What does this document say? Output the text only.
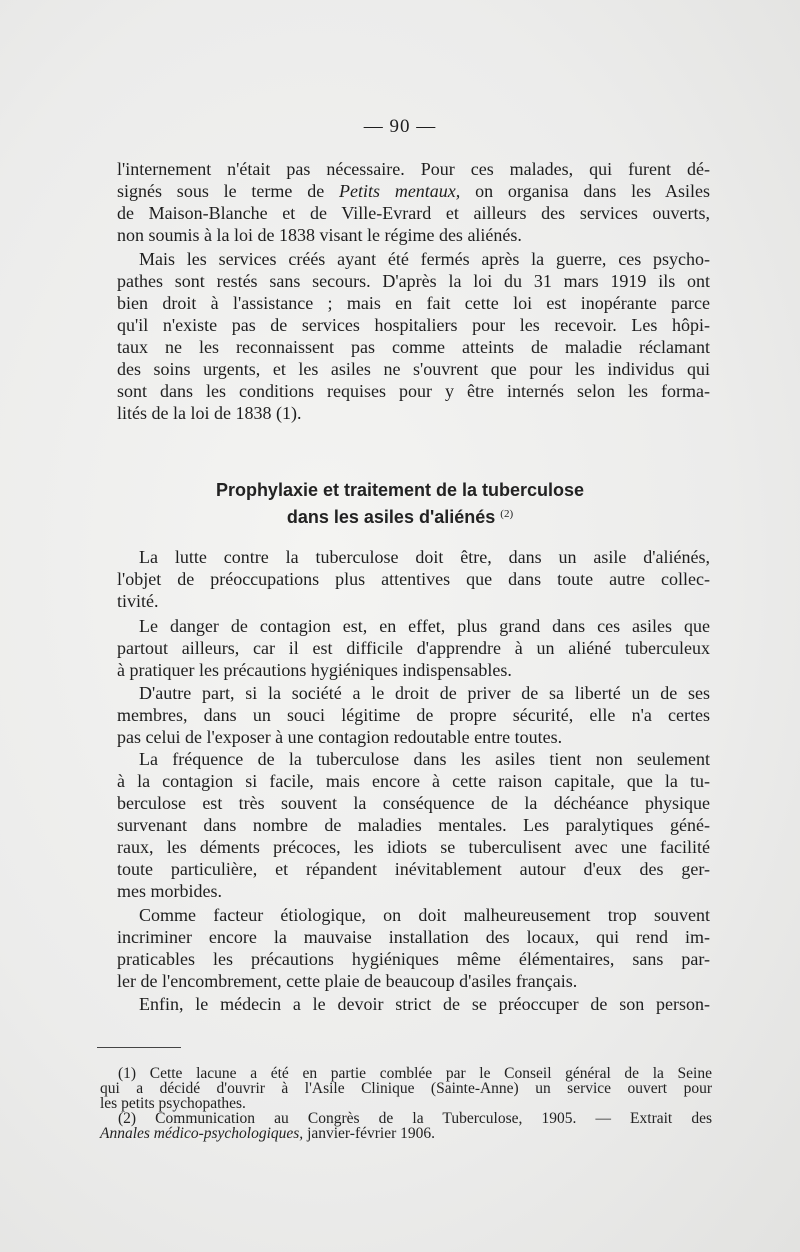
— 90 —

l'internement n'était pas nécessaire. Pour ces malades, qui furent dé-

signés sous le terme de Petits mentaux, on organisa dans les Asiles

de Maison-Blanche et de Ville-Evrard et ailleurs des services ouverts,

non soumis à la loi de 1838 visant le régime des aliénés.

Mais les services créés ayant été fermés après la guerre, ces psycho-

pathes sont restés sans secours. D'après la loi du 31 mars 1919 ils ont

bien droit à l'assistance ; mais en fait cette loi est inopérante parce

qu'il n'existe pas de services hospitaliers pour les recevoir. Les hôpi-

taux ne les reconnaissent pas comme atteints de maladie réclamant

des soins urgents, et les asiles ne s'ouvrent que pour les individus qui

sont dans les conditions requises pour y être internés selon les forma-

lités de la loi de 1838 (1).

Prophylaxie et traitement de la tuberculose
dans les asiles d'aliénés $^{(2)}$

La lutte contre la tuberculose doit être, dans un asile d'aliénés,

l'objet de préoccupations plus attentives que dans toute autre collec-

tivité.

Le danger de contagion est, en effet, plus grand dans ces asiles que

partout ailleurs, car il est difficile d'apprendre à un aliéné tuberculeux

à pratiquer les précautions hygiéniques indispensables.

D'autre part, si la société a le droit de priver de sa liberté un de ses

membres, dans un souci légitime de propre sécurité, elle n'a certes

pas celui de l'exposer à une contagion redoutable entre toutes.

La fréquence de la tuberculose dans les asiles tient non seulement

à la contagion si facile, mais encore à cette raison capitale, que la tu-

berculose est très souvent la conséquence de la déchéance physique

survenant dans nombre de maladies mentales. Les paralytiques géné-

raux, les déments précoces, les idiots se tuberculisent avec une facilité

toute particulière, et répandent inévitablement autour d'eux des ger-

mes morbides.

Comme facteur étiologique, on doit malheureusement trop souvent

incriminer encore la mauvaise installation des locaux, qui rend im-

praticables les précautions hygiéniques même élémentaires, sans par-

ler de l'encombrement, cette plaie de beaucoup d'asiles français.

Enfin, le médecin a le devoir strict de se préoccuper de son person-

(1) Cette lacune a été en partie comblée par le Conseil général de la Seine

qui a décidé d'ouvrir à l'Asile Clinique (Sainte-Anne) un service ouvert pour

les petits psychopathes.

(2) Communication au Congrès de la Tuberculose, 1905. — Extrait des

Annales médico-psychologiques, janvier-février 1906.
